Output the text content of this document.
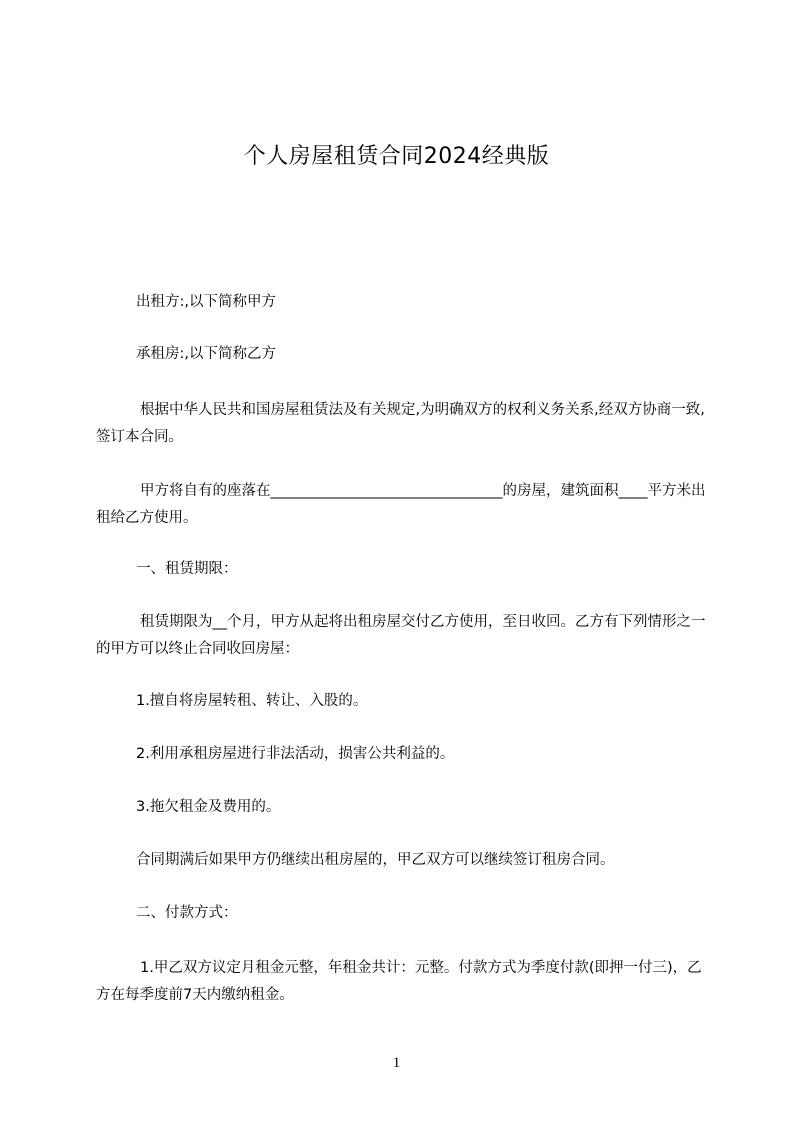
个人房屋租赁合同2024经典版
出租方:,以下简称甲方
承租房:,以下简称乙方
根据中华人民共和国房屋租赁法及有关规定,为明确双方的权利义务关系,经双方协商一致,签订本合同。
甲方将自有的座落在________________________________的房屋，建筑面积____平方米出租给乙方使用。
一、租赁期限：
租赁期限为__个月，甲方从起将出租房屋交付乙方使用，至日收回。乙方有下列情形之一的甲方可以终止合同收回房屋：
1.擅自将房屋转租、转让、入股的。
2.利用承租房屋进行非法活动，损害公共利益的。
3.拖欠租金及费用的。
合同期满后如果甲方仍继续出租房屋的，甲乙双方可以继续签订租房合同。
二、付款方式：
1.甲乙双方议定月租金元整，年租金共计：元整。付款方式为季度付款(即押一付三)，乙方在每季度前7天内缴纳租金。
1
